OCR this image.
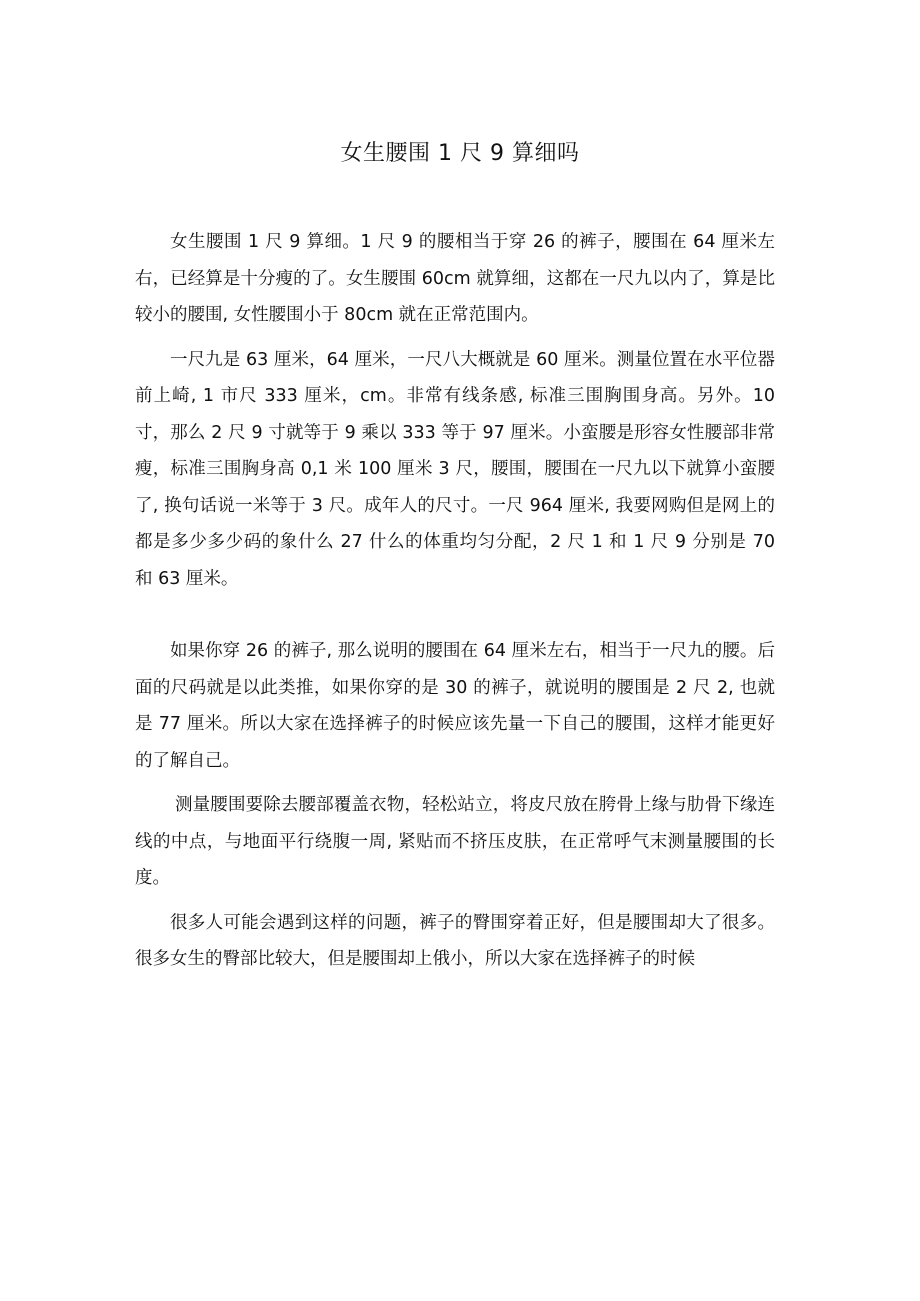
女生腰围 1 尺 9 算细吗

女生腰围 1 尺 9 算细。1 尺 9 的腰相当于穿 26 的裤子，腰围在 64 厘米左右，已经算是十分瘦的了。女生腰围 60cm 就算细，这都在一尺九以内了，算是比较小的腰围, 女性腰围小于 80cm 就在正常范围内。

一尺九是 63 厘米，64 厘米，一尺八大概就是 60 厘米。测量位置在水平位器前上崎, 1 市尺 333 厘米，cm。非常有线条感, 标准三围胸围身高。另外。10 寸，那么 2 尺 9 寸就等于 9 乘以 333 等于 97 厘米。小蛮腰是形容女性腰部非常瘦，标准三围胸身高 0,1 米 100 厘米 3 尺，腰围，腰围在一尺九以下就算小蛮腰了, 换句话说一米等于 3 尺。成年人的尺寸。一尺 964 厘米, 我要网购但是网上的都是多少多少码的象什么 27 什么的体重均匀分配，2 尺 1 和 1 尺 9 分别是 70 和 63 厘米。

如果你穿 26 的裤子, 那么说明的腰围在 64 厘米左右，相当于一尺九的腰。后面的尺码就是以此类推，如果你穿的是 30 的裤子，就说明的腰围是 2 尺 2, 也就是 77 厘米。所以大家在选择裤子的时候应该先量一下自己的腰围，这样才能更好的了解自己。

测量腰围要除去腰部覆盖衣物，轻松站立，将皮尺放在胯骨上缘与肋骨下缘连线的中点，与地面平行绕腹一周, 紧贴而不挤压皮肤，在正常呼气末测量腰围的长度。

很多人可能会遇到这样的问题，裤子的臀围穿着正好，但是腰围却大了很多。很多女生的臀部比较大，但是腰围却上俄小，所以大家在选择裤子的时候
